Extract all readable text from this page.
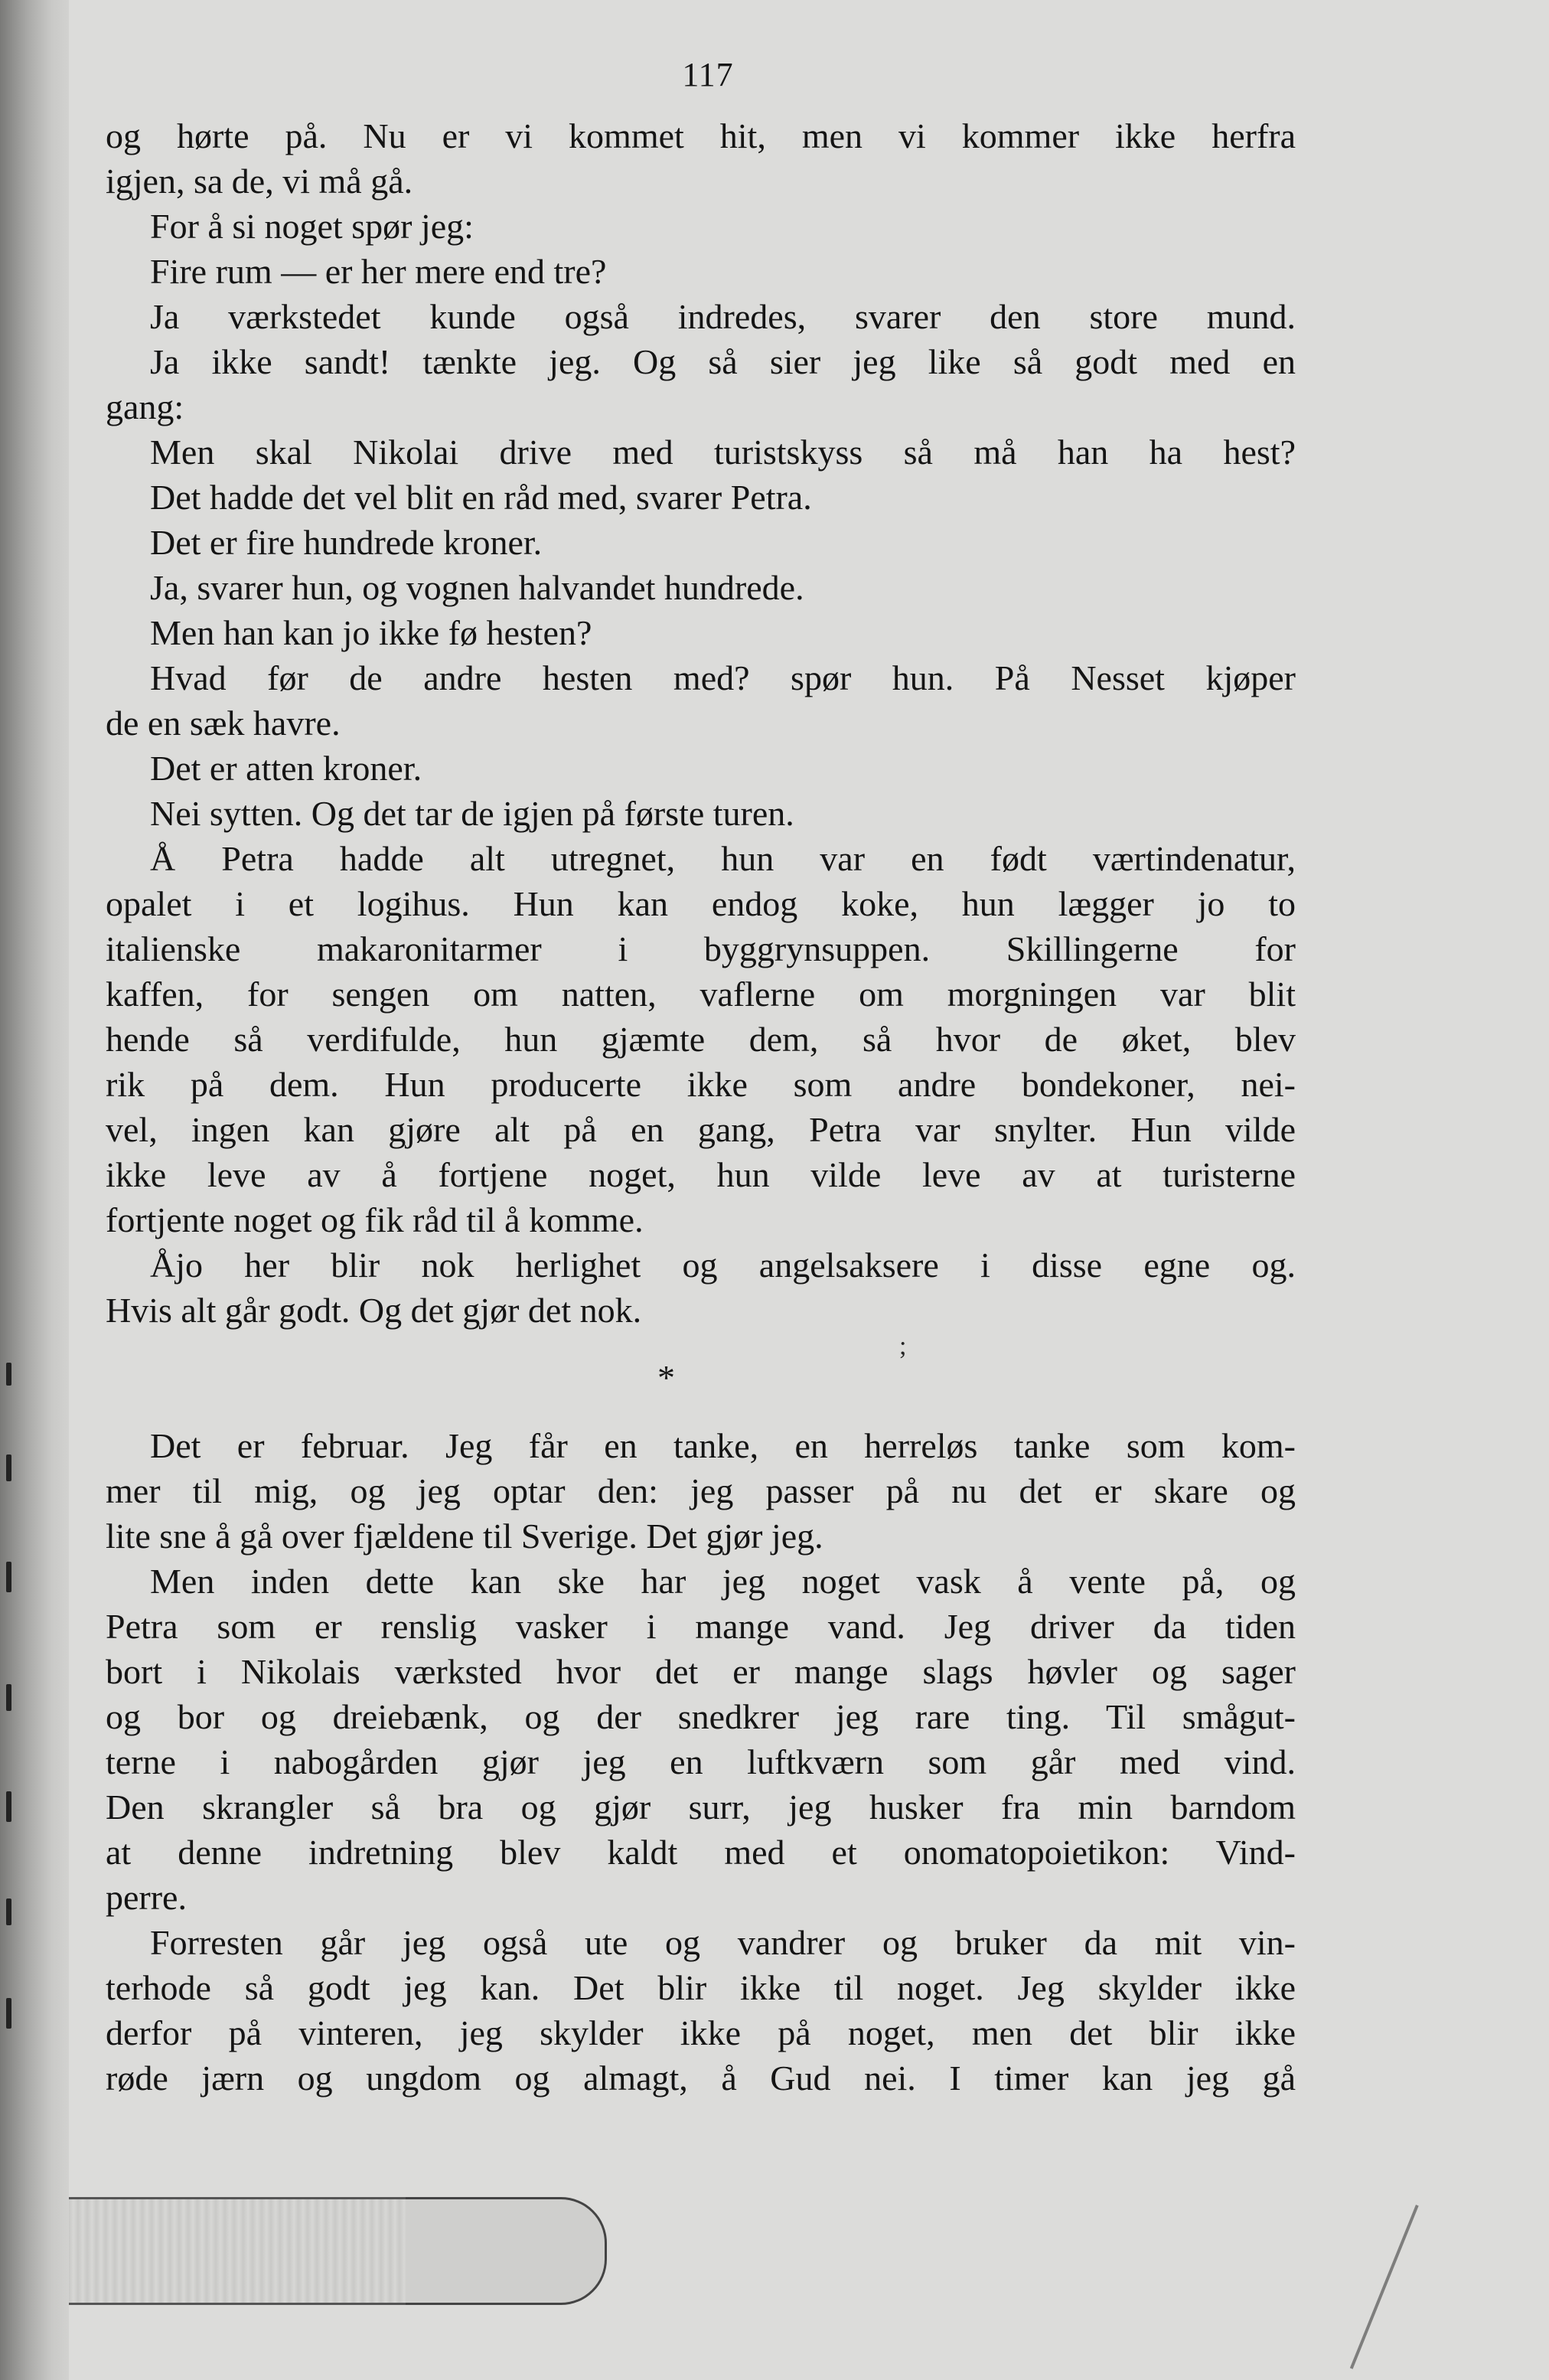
117
og hørte på. Nu er vi kommet hit, men vi kommer ikke herfra
igjen, sa de, vi må gå.
For å si noget spør jeg:
Fire rum — er her mere end tre?
Ja værkstedet kunde også indredes, svarer den store mund.
Ja ikke sandt! tænkte jeg. Og så sier jeg like så godt med en
gang:
Men skal Nikolai drive med turistskyss så må han ha hest?
Det hadde det vel blit en råd med, svarer Petra.
Det er fire hundrede kroner.
Ja, svarer hun, og vognen halvandet hundrede.
Men han kan jo ikke fø hesten?
Hvad før de andre hesten med? spør hun. På Nesset kjøper
de en sæk havre.
Det er atten kroner.
Nei sytten. Og det tar de igjen på første turen.
Å Petra hadde alt utregnet, hun var en født værtindenatur,
opalet i et logihus. Hun kan endog koke, hun lægger jo to
italienske makaronitarmer i byggrynsuppen. Skillingerne for
kaffen, for sengen om natten, vaflerne om morgningen var blit
hende så verdifulde, hun gjæmte dem, så hvor de øket, blev
rik på dem. Hun producerte ikke som andre bondekoner, nei-
vel, ingen kan gjøre alt på en gang, Petra var snylter. Hun vilde
ikke leve av å fortjene noget, hun vilde leve av at turisterne
fortjente noget og fik råd til å komme.
Åjo her blir nok herlighet og angelsaksere i disse egne og.
Hvis alt går godt. Og det gjør det nok.
*
Det er februar. Jeg får en tanke, en herreløs tanke som kom-
mer til mig, og jeg optar den: jeg passer på nu det er skare og
lite sne å gå over fjældene til Sverige. Det gjør jeg.
Men inden dette kan ske har jeg noget vask å vente på, og
Petra som er renslig vasker i mange vand. Jeg driver da tiden
bort i Nikolais værksted hvor det er mange slags høvler og sager
og bor og dreiebænk, og der snedkrer jeg rare ting. Til smågut-
terne i nabogården gjør jeg en luftkværn som går med vind.
Den skrangler så bra og gjør surr, jeg husker fra min barndom
at denne indretning blev kaldt med et onomatopoietikon: Vind-
perre.
Forresten går jeg også ute og vandrer og bruker da mit vin-
terhode så godt jeg kan. Det blir ikke til noget. Jeg skylder ikke
derfor på vinteren, jeg skylder ikke på noget, men det blir ikke
røde jærn og ungdom og almagt, å Gud nei. I timer kan jeg gå
;
